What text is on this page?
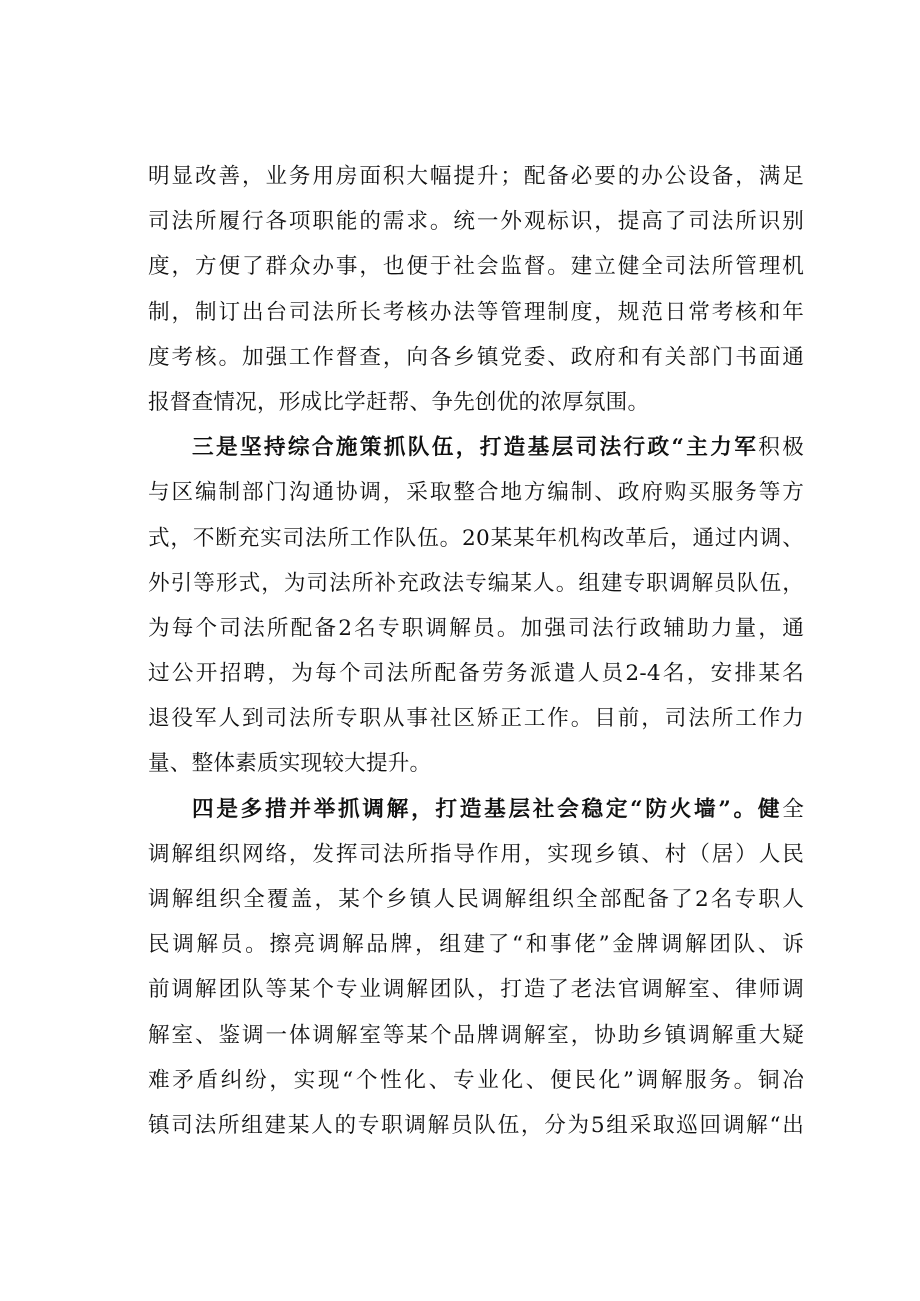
明显改善，业务用房面积大幅提升；配备必要的办公设备，满足
司法所履行各项职能的需求。统一外观标识，提高了司法所识别
度，方便了群众办事，也便于社会监督。建立健全司法所管理机
制，制订出台司法所长考核办法等管理制度，规范日常考核和年
度考核。加强工作督查，向各乡镇党委、政府和有关部门书面通
报督查情况，形成比学赶帮、争先创优的浓厚氛围。
三是坚持综合施策抓队伍，打造基层司法行政“主力军积极
与区编制部门沟通协调，采取整合地方编制、政府购买服务等方
式，不断充实司法所工作队伍。20某某年机构改革后，通过内调、
外引等形式，为司法所补充政法专编某人。组建专职调解员队伍，
为每个司法所配备2名专职调解员。加强司法行政辅助力量，通
过公开招聘，为每个司法所配备劳务派遣人员2-4名，安排某名
退役军人到司法所专职从事社区矫正工作。目前，司法所工作力
量、整体素质实现较大提升。
四是多措并举抓调解，打造基层社会稳定“防火墙”。健全
调解组织网络，发挥司法所指导作用，实现乡镇、村（居）人民
调解组织全覆盖，某个乡镇人民调解组织全部配备了2名专职人
民调解员。擦亮调解品牌，组建了“和事佬”金牌调解团队、诉
前调解团队等某个专业调解团队，打造了老法官调解室、律师调
解室、鉴调一体调解室等某个品牌调解室，协助乡镇调解重大疑
难矛盾纠纷，实现“个性化、专业化、便民化”调解服务。铜冶
镇司法所组建某人的专职调解员队伍，分为5组采取巡回调解“出
